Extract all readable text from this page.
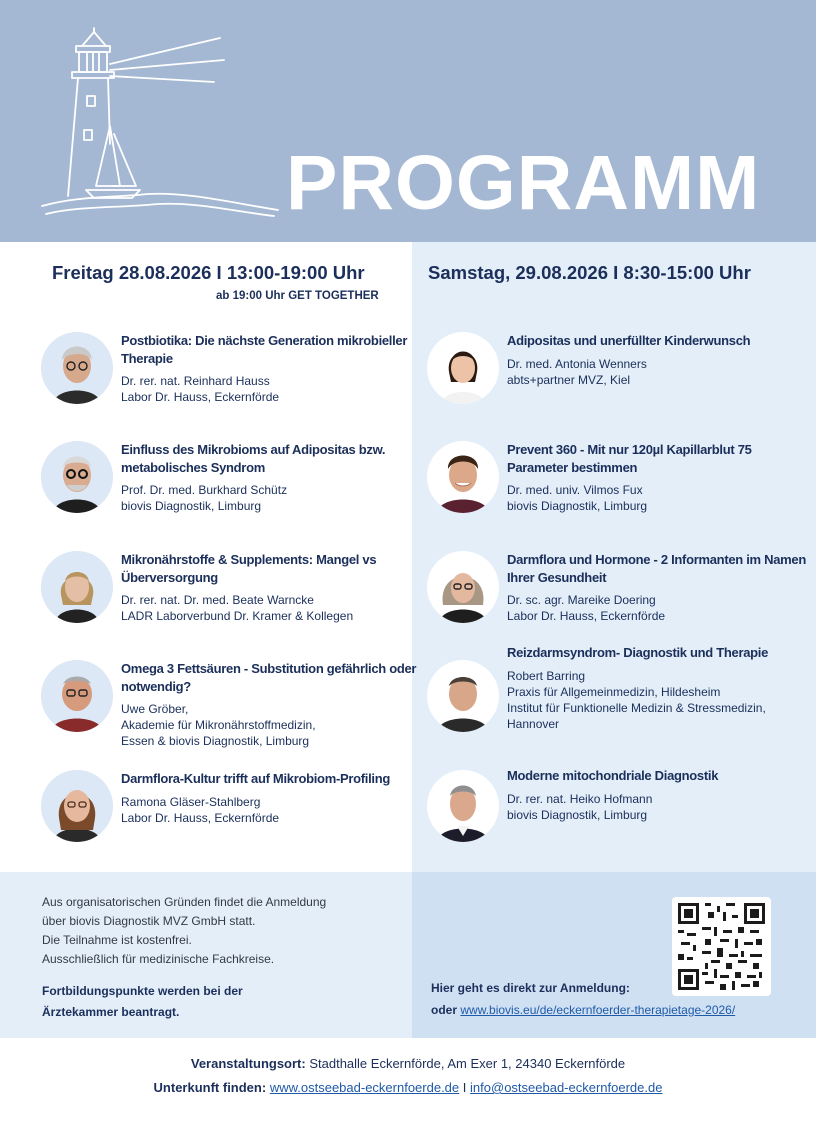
PROGRAMM
Freitag 28.08.2026 I 13:00-19:00 Uhr
ab 19:00 Uhr GET TOGETHER
Samstag, 29.08.2026 I 8:30-15:00 Uhr
Postbiotika: Die nächste Generation mikrobieller Therapie
Dr. rer. nat. Reinhard Hauss
Labor Dr. Hauss, Eckernförde
Einfluss des Mikrobioms auf Adipositas bzw. metabolisches Syndrom
Prof. Dr. med. Burkhard Schütz
biovis Diagnostik, Limburg
Mikronährstoffe & Supplements: Mangel vs Überversorgung
Dr. rer. nat. Dr. med. Beate Warncke
LADR Laborverbund Dr. Kramer & Kollegen
Omega 3 Fettsäuren - Substitution gefährlich oder notwendig?
Uwe Gröber,
Akademie für Mikronährstoffmedizin,
Essen & biovis Diagnostik, Limburg
Darmflora-Kultur trifft auf Mikrobiom-Profiling
Ramona Gläser-Stahlberg
Labor Dr. Hauss, Eckernförde
Adipositas und unerfüllter Kinderwunsch
Dr. med. Antonia Wenners
abts+partner MVZ, Kiel
Prevent 360 - Mit nur 120µl Kapillarblut 75 Parameter bestimmen
Dr. med. univ. Vilmos Fux
biovis Diagnostik, Limburg
Darmflora und Hormone - 2 Informanten im Namen Ihrer Gesundheit
Dr. sc. agr. Mareike Doering
Labor Dr. Hauss, Eckernförde
Reizdarmsyndrom- Diagnostik und Therapie
Robert Barring
Praxis für Allgemeinmedizin, Hildesheim
Institut für Funktionelle Medizin & Stressmedizin,
Hannover
Moderne mitochondriale Diagnostik
Dr. rer. nat. Heiko Hofmann
biovis Diagnostik, Limburg
Aus organisatorischen Gründen findet die Anmeldung
über biovis Diagnostik MVZ GmbH statt.
Die Teilnahme ist kostenfrei.
Ausschließlich für medizinische Fachkreise.
Fortbildungspunkte werden bei der
Ärztekammer beantragt.
Hier geht es direkt zur Anmeldung:
oder www.biovis.eu/de/eckernfoerder-therapietage-2026/
Veranstaltungsort: Stadthalle Eckernförde, Am Exer 1, 24340 Eckernförde
Unterkunft finden: www.ostseebad-eckernfoerde.de I info@ostseebad-eckernfoerde.de
